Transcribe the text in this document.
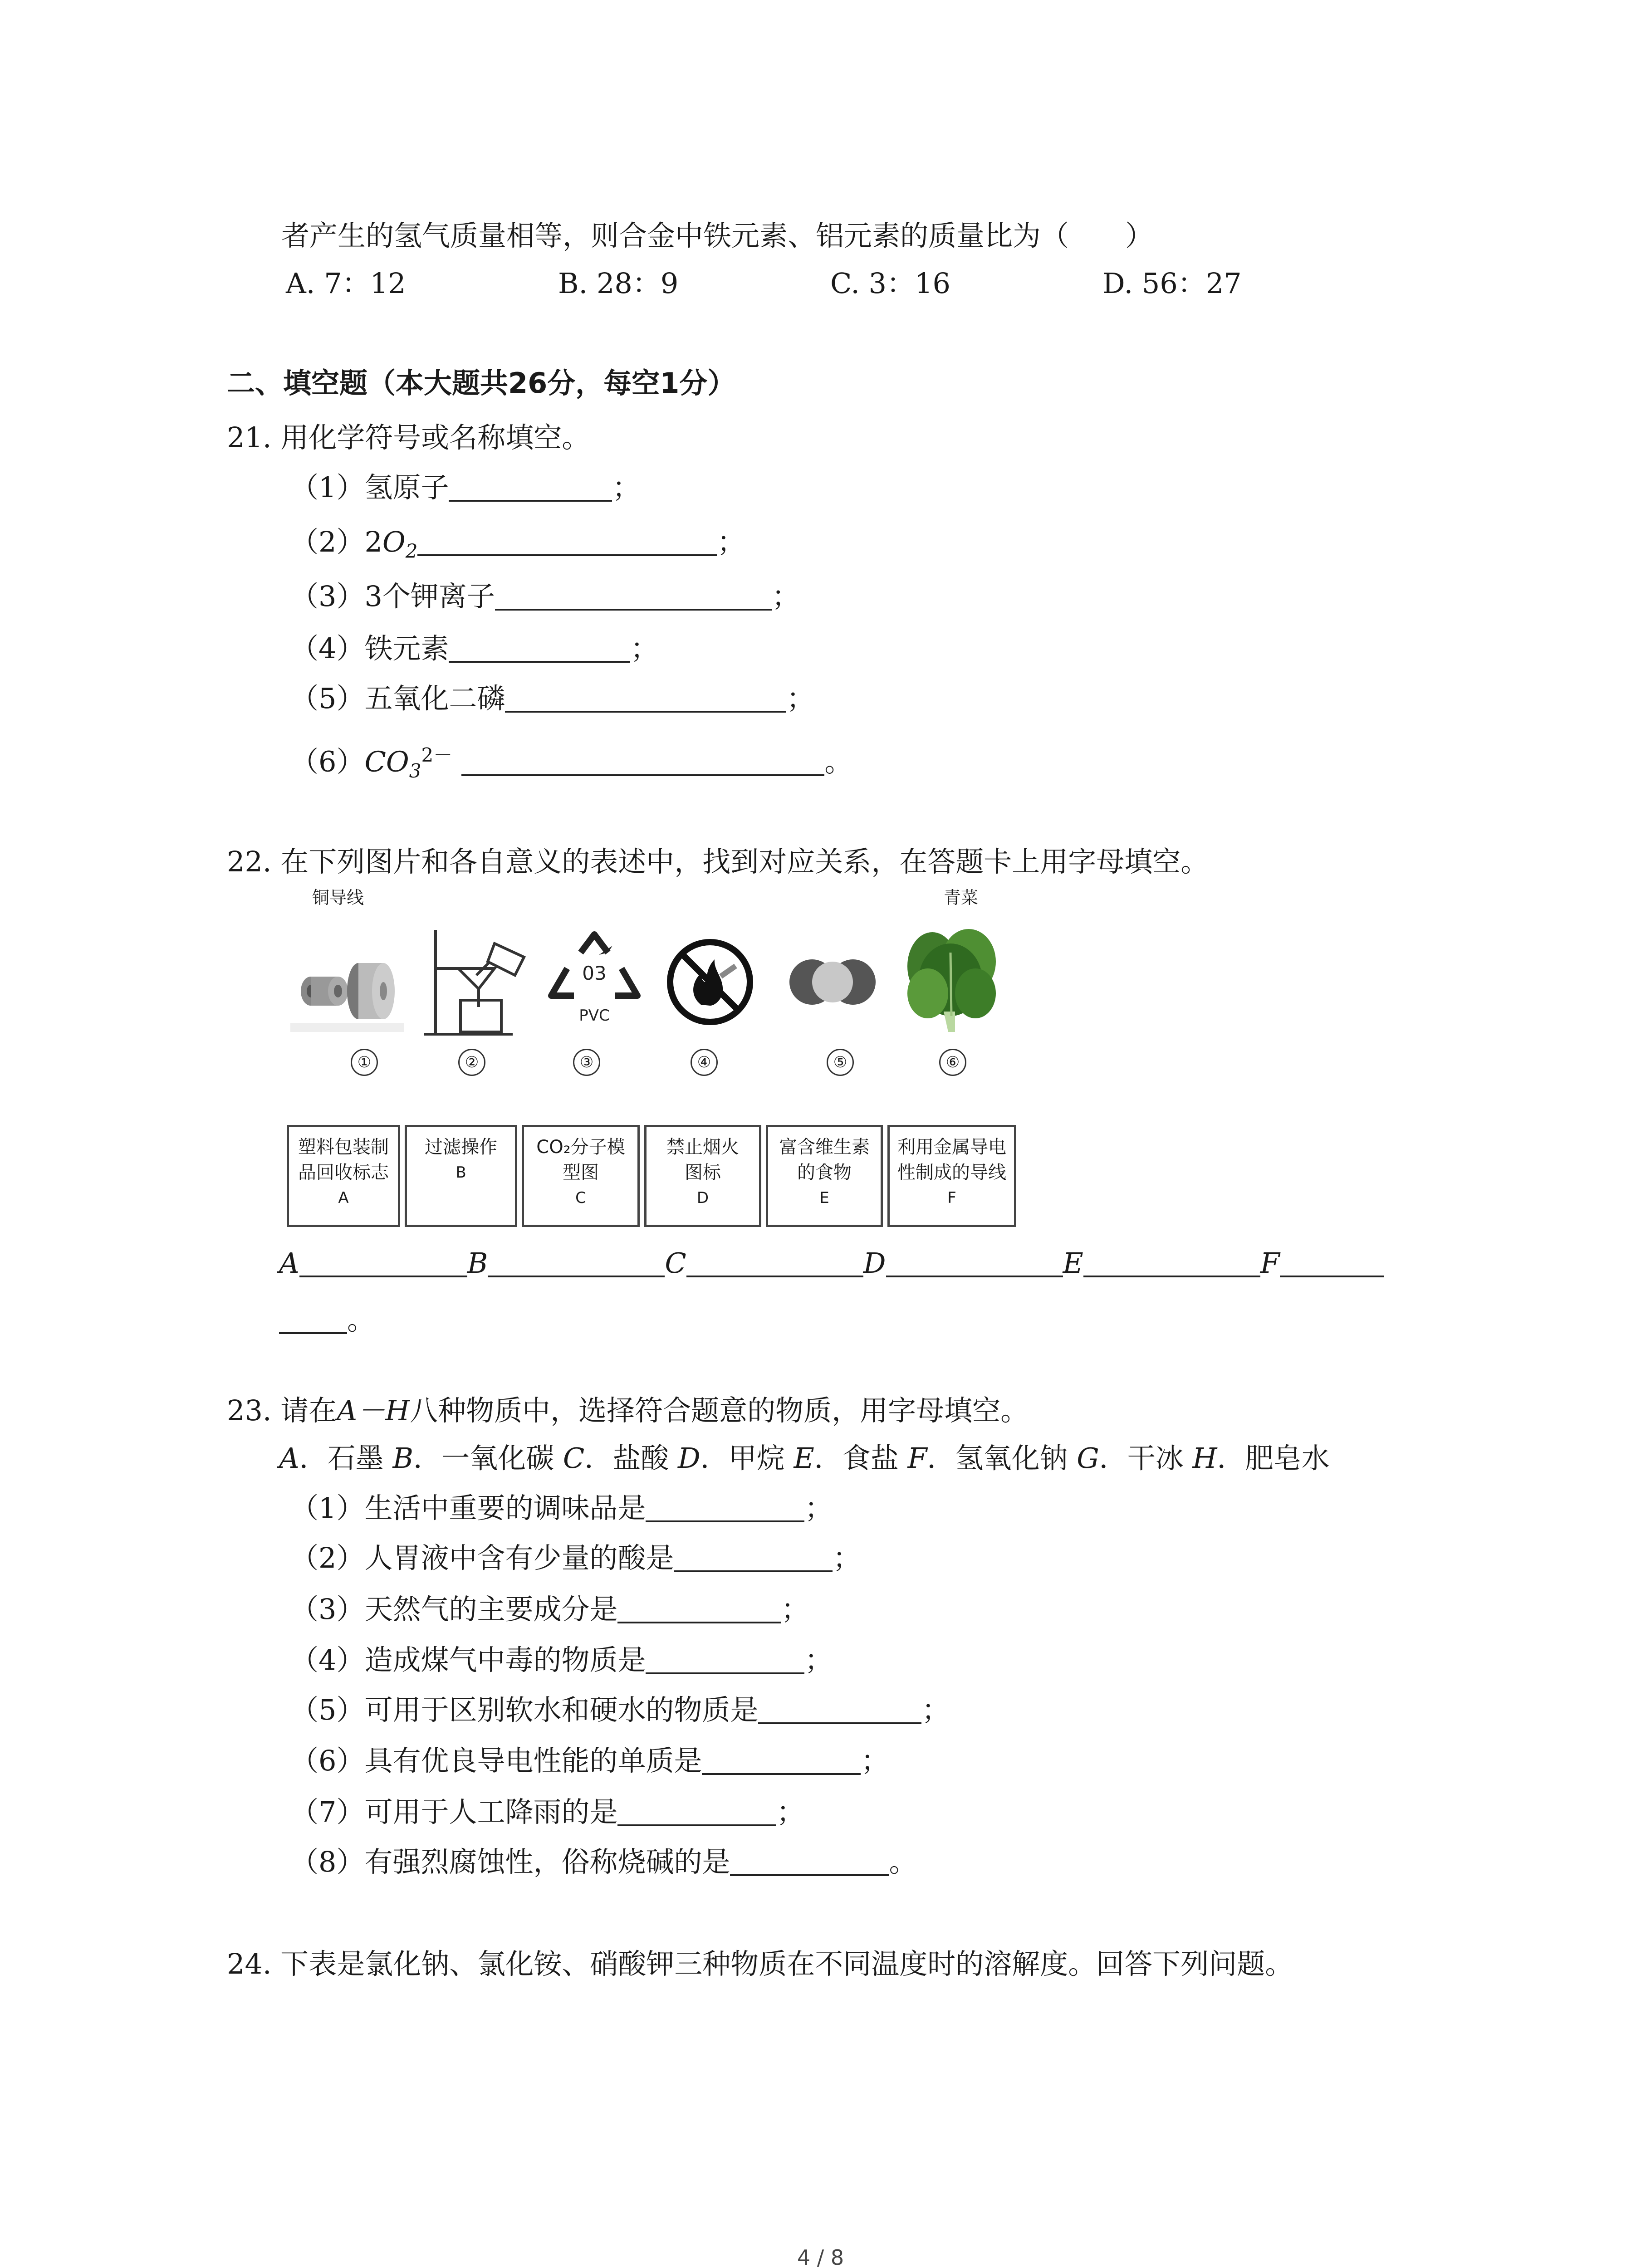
者产生的氢气质量相等，则合金中铁元素、铝元素的质量比为（　　）
A. 7：12	B. 28：9	C. 3：16	D. 56：27
二、填空题（本大题共26分，每空1分）
21. 用化学符号或名称填空。
（1）氢原子	；
$(2)2O_2$	；
（3）3个钾离子	；
（4）铁元素	；
（5）五氧化二磷	；
$(6)CO_3^{2-}$	。
22. 在下列图片和各自意义的表述中，找到对应关系，在答题卡上用字母填空。
铜导线	青菜
03
PVC
①	②	③	④	⑤	⑥
塑料包装制
品回收标志
A
过滤操作

B
CO₂分子模
型图
C
禁止烟火
图标
D
富含维生素
的食物
E
利用金属导电
性制成的导线
F
A	B	C	D	E	F
。
23. 请在A－H八种物质中，选择符合题意的物质，用字母填空。
A．石墨 B．一氧化碳 C．盐酸 D．甲烷 E．食盐 F．氢氧化钠 G．干冰 H．肥皂水
（1）生活中重要的调味品是	；
（2）人胃液中含有少量的酸是	；
（3）天然气的主要成分是	；
（4）造成煤气中毒的物质是	；
（5）可用于区别软水和硬水的物质是	；
（6）具有优良导电性能的单质是	；
（7）可用于人工降雨的是	；
（8）有强烈腐蚀性，俗称烧碱的是	。
24. 下表是氯化钠、氯化铵、硝酸钾三种物质在不同温度时的溶解度。回答下列问题。
4 / 8
